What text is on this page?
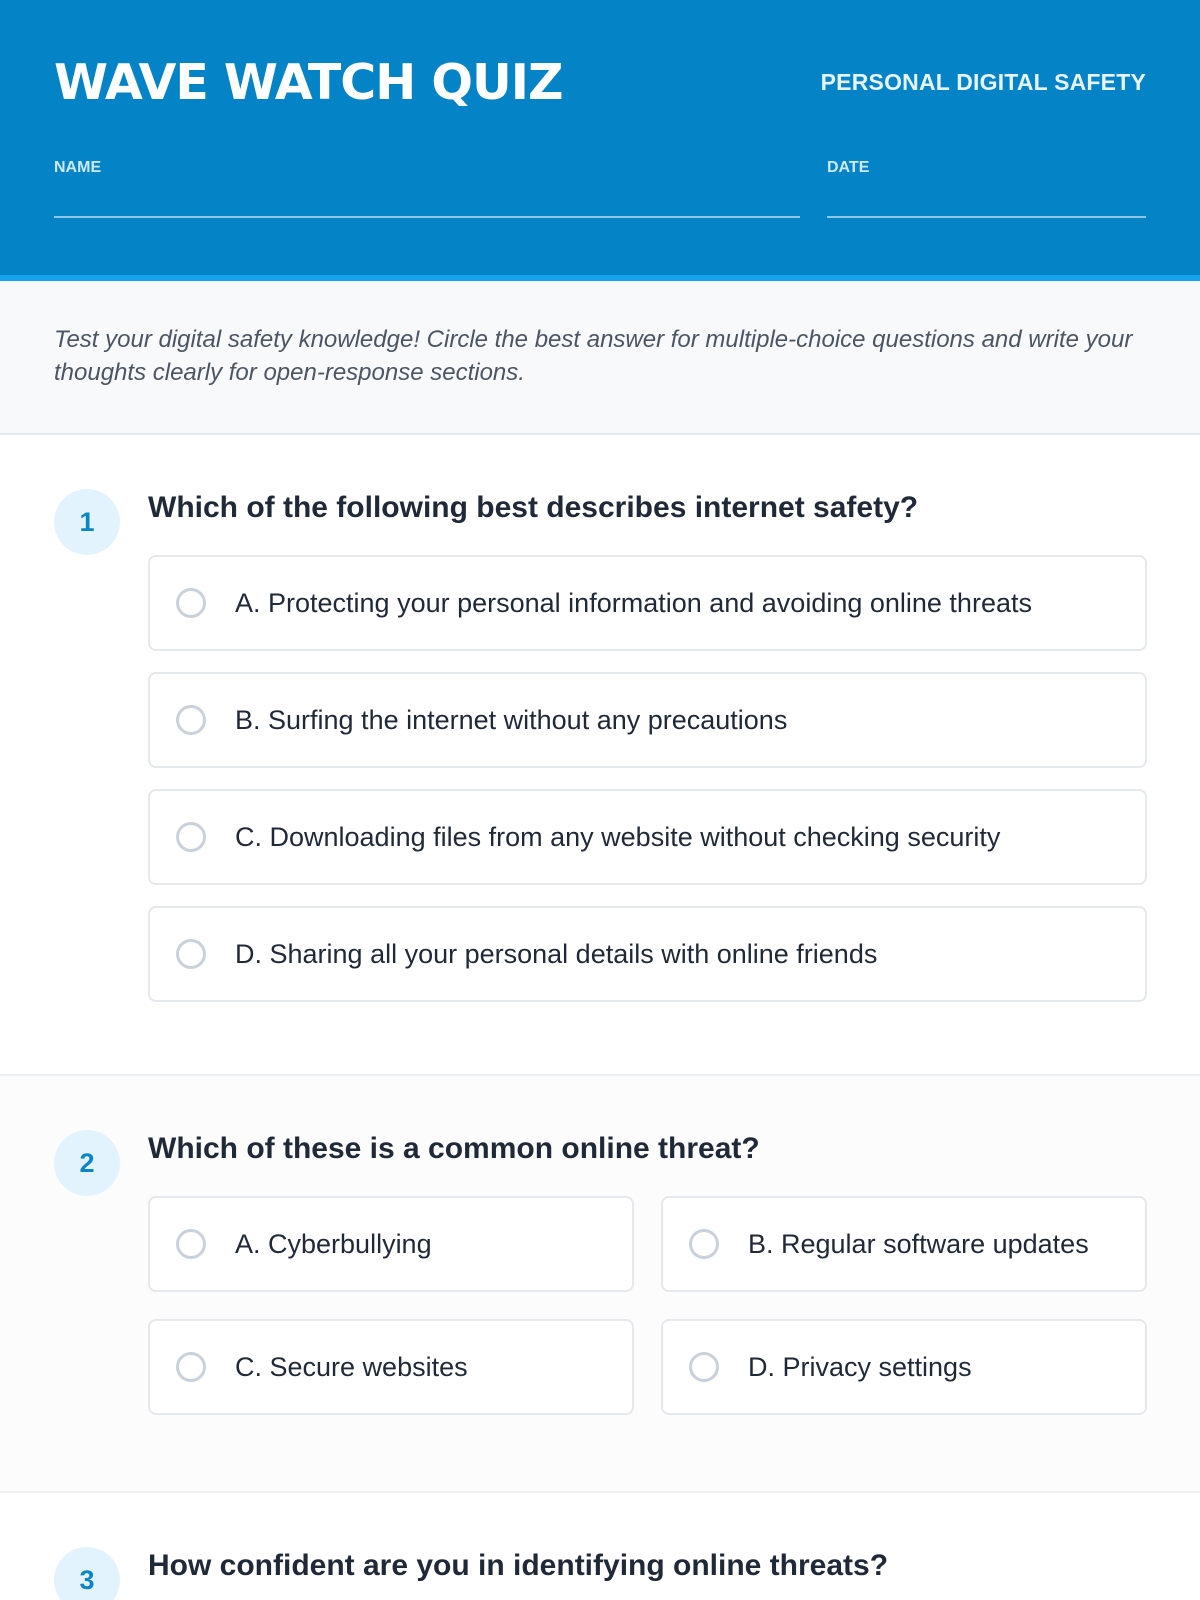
WAVE WATCH QUIZ	PERSONAL DIGITAL SAFETY
NAME	DATE

Test your digital safety knowledge! Circle the best answer for multiple-choice questions and write your thoughts clearly for open-response sections.

1	Which of the following best describes internet safety?

A. Protecting your personal information and avoiding online threats
B. Surfing the internet without any precautions
C. Downloading files from any website without checking security
D. Sharing all your personal details with online friends
2	Which of these is a common online threat?

A. Cyberbullying	B. Regular software updates
C. Secure websites	D. Privacy settings
3	How confident are you in identifying online threats?
